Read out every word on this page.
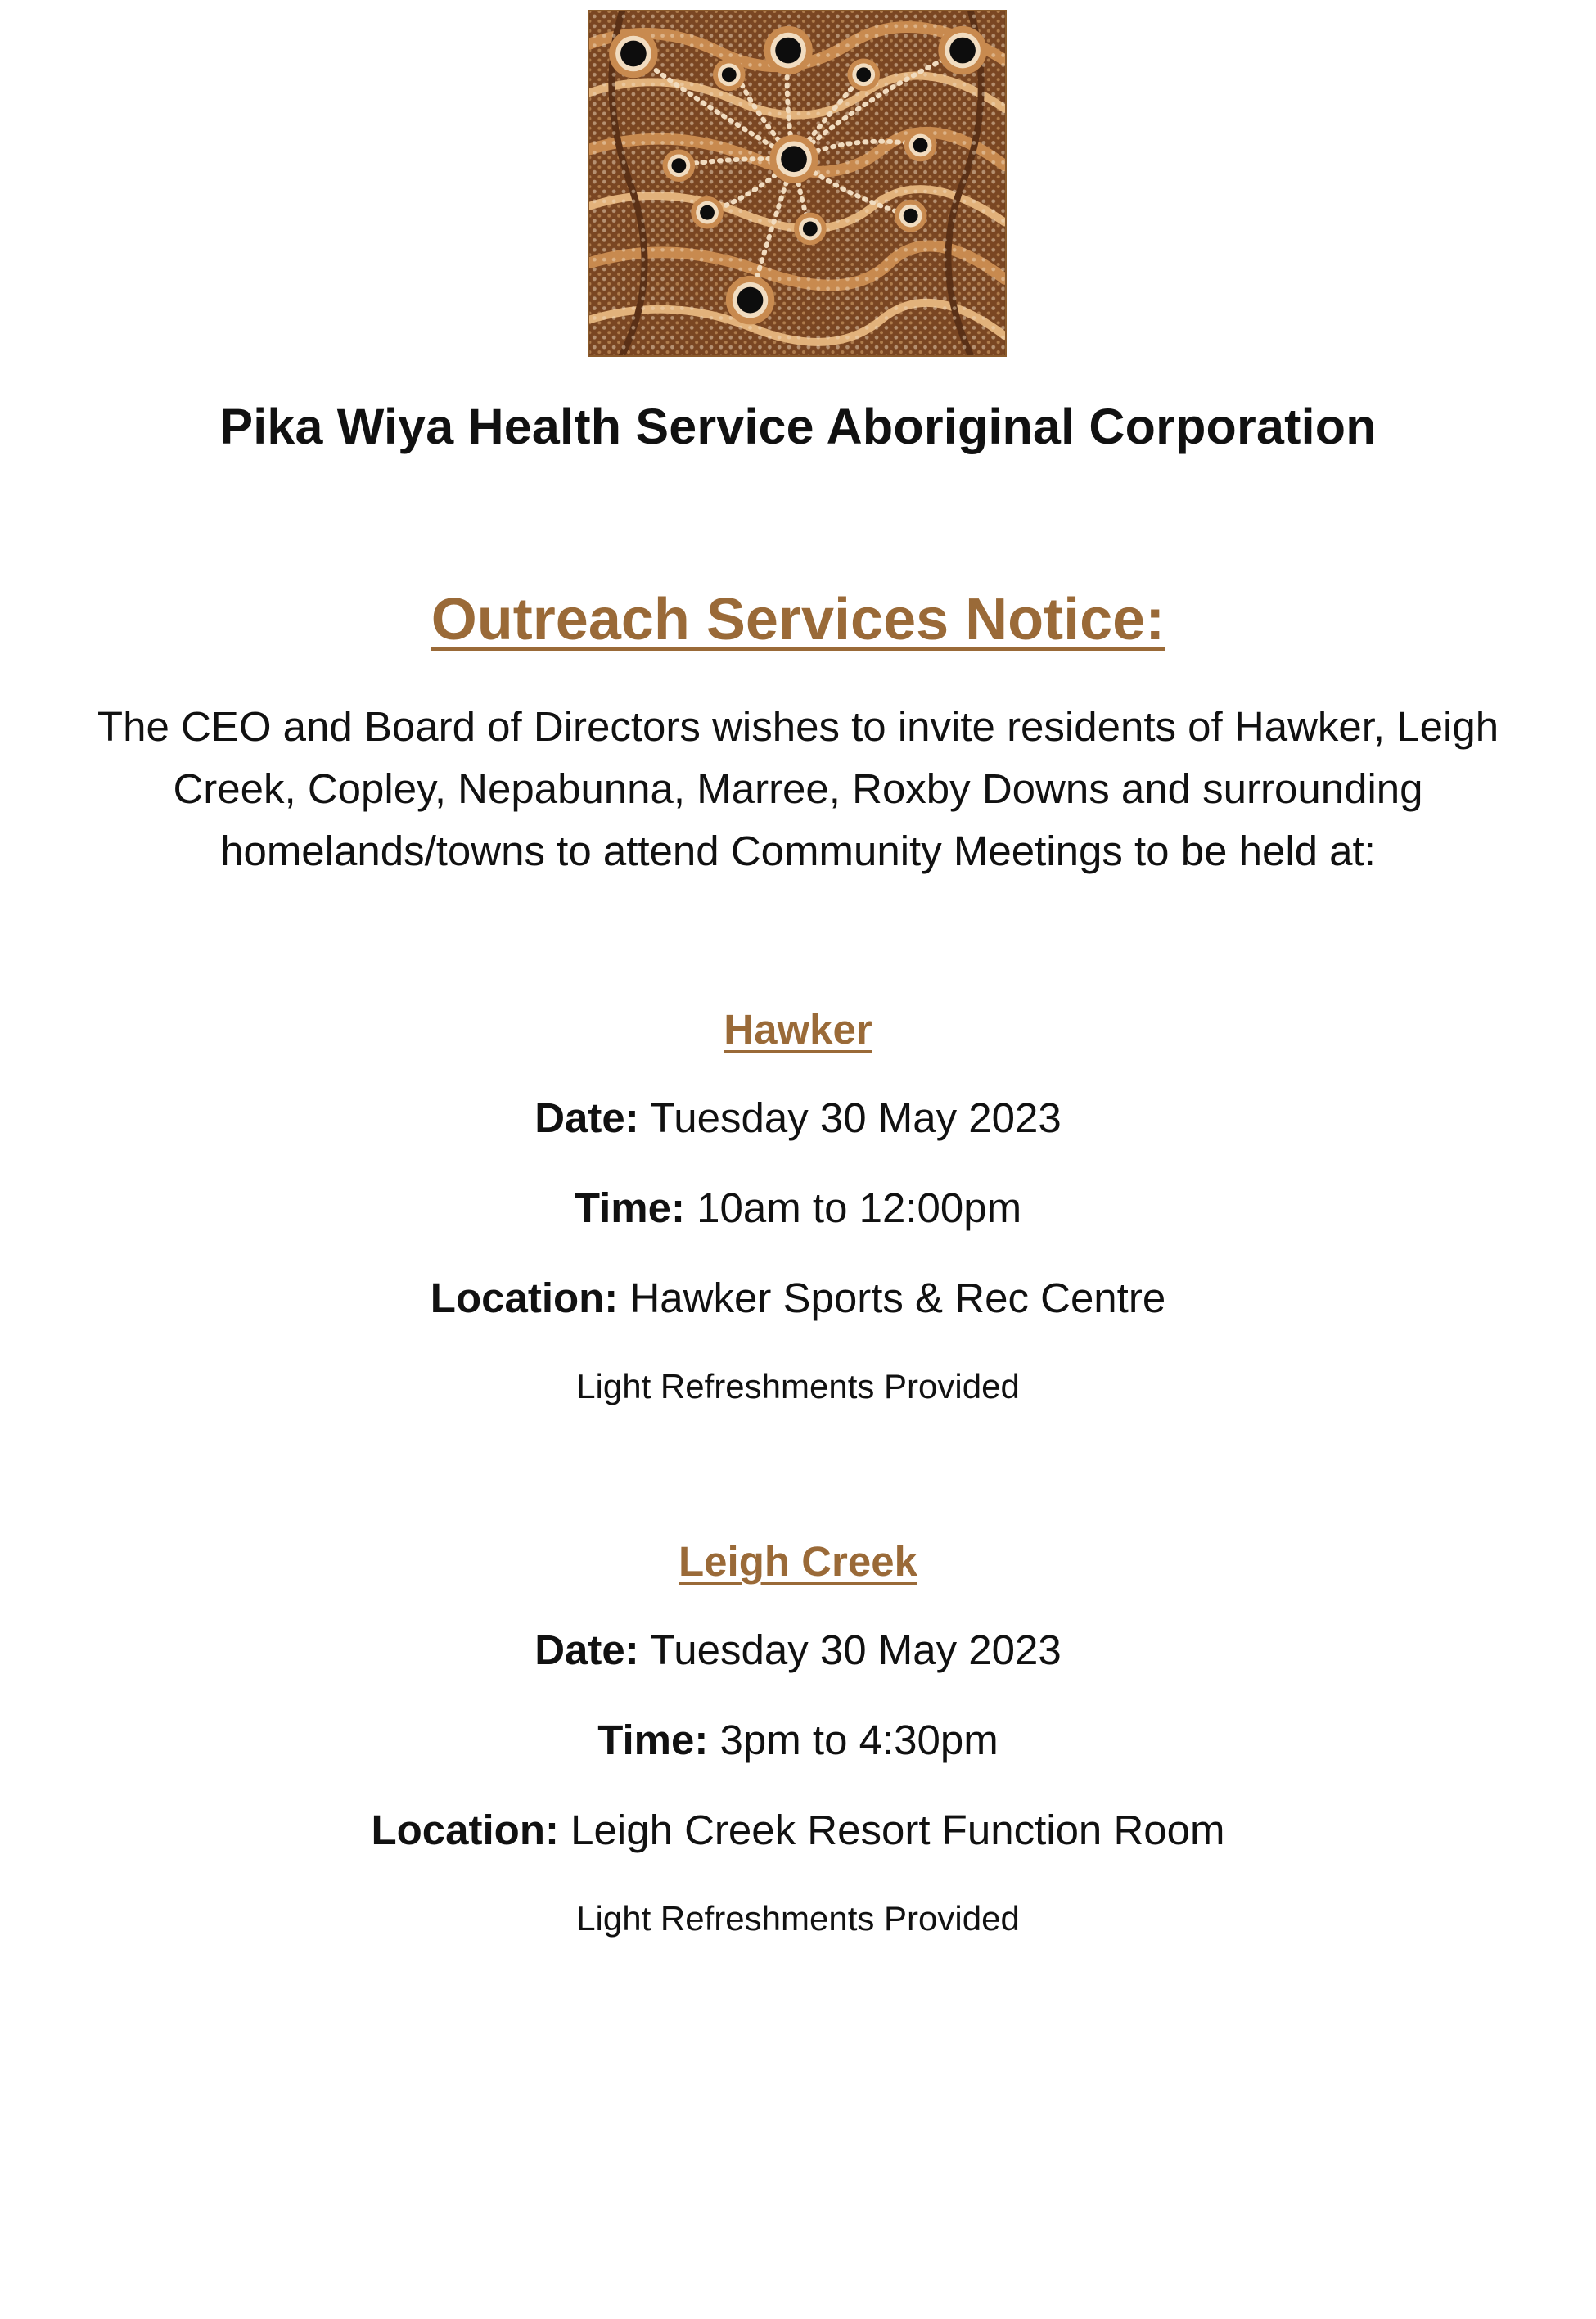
Pika Wiya Health Service Aboriginal Corporation

Outreach Services Notice:

The CEO and Board of Directors wishes to invite residents of Hawker, Leigh Creek, Copley, Nepabunna, Marree, Roxby Downs and surrounding homelands/towns to attend Community Meetings to be held at:

Hawker

Date: Tuesday 30 May 2023

Time: 10am to 12:00pm

Location: Hawker Sports & Rec Centre

Light Refreshments Provided

Leigh Creek

Date: Tuesday 30 May 2023

Time: 3pm to 4:30pm

Location: Leigh Creek Resort Function Room

Light Refreshments Provided
